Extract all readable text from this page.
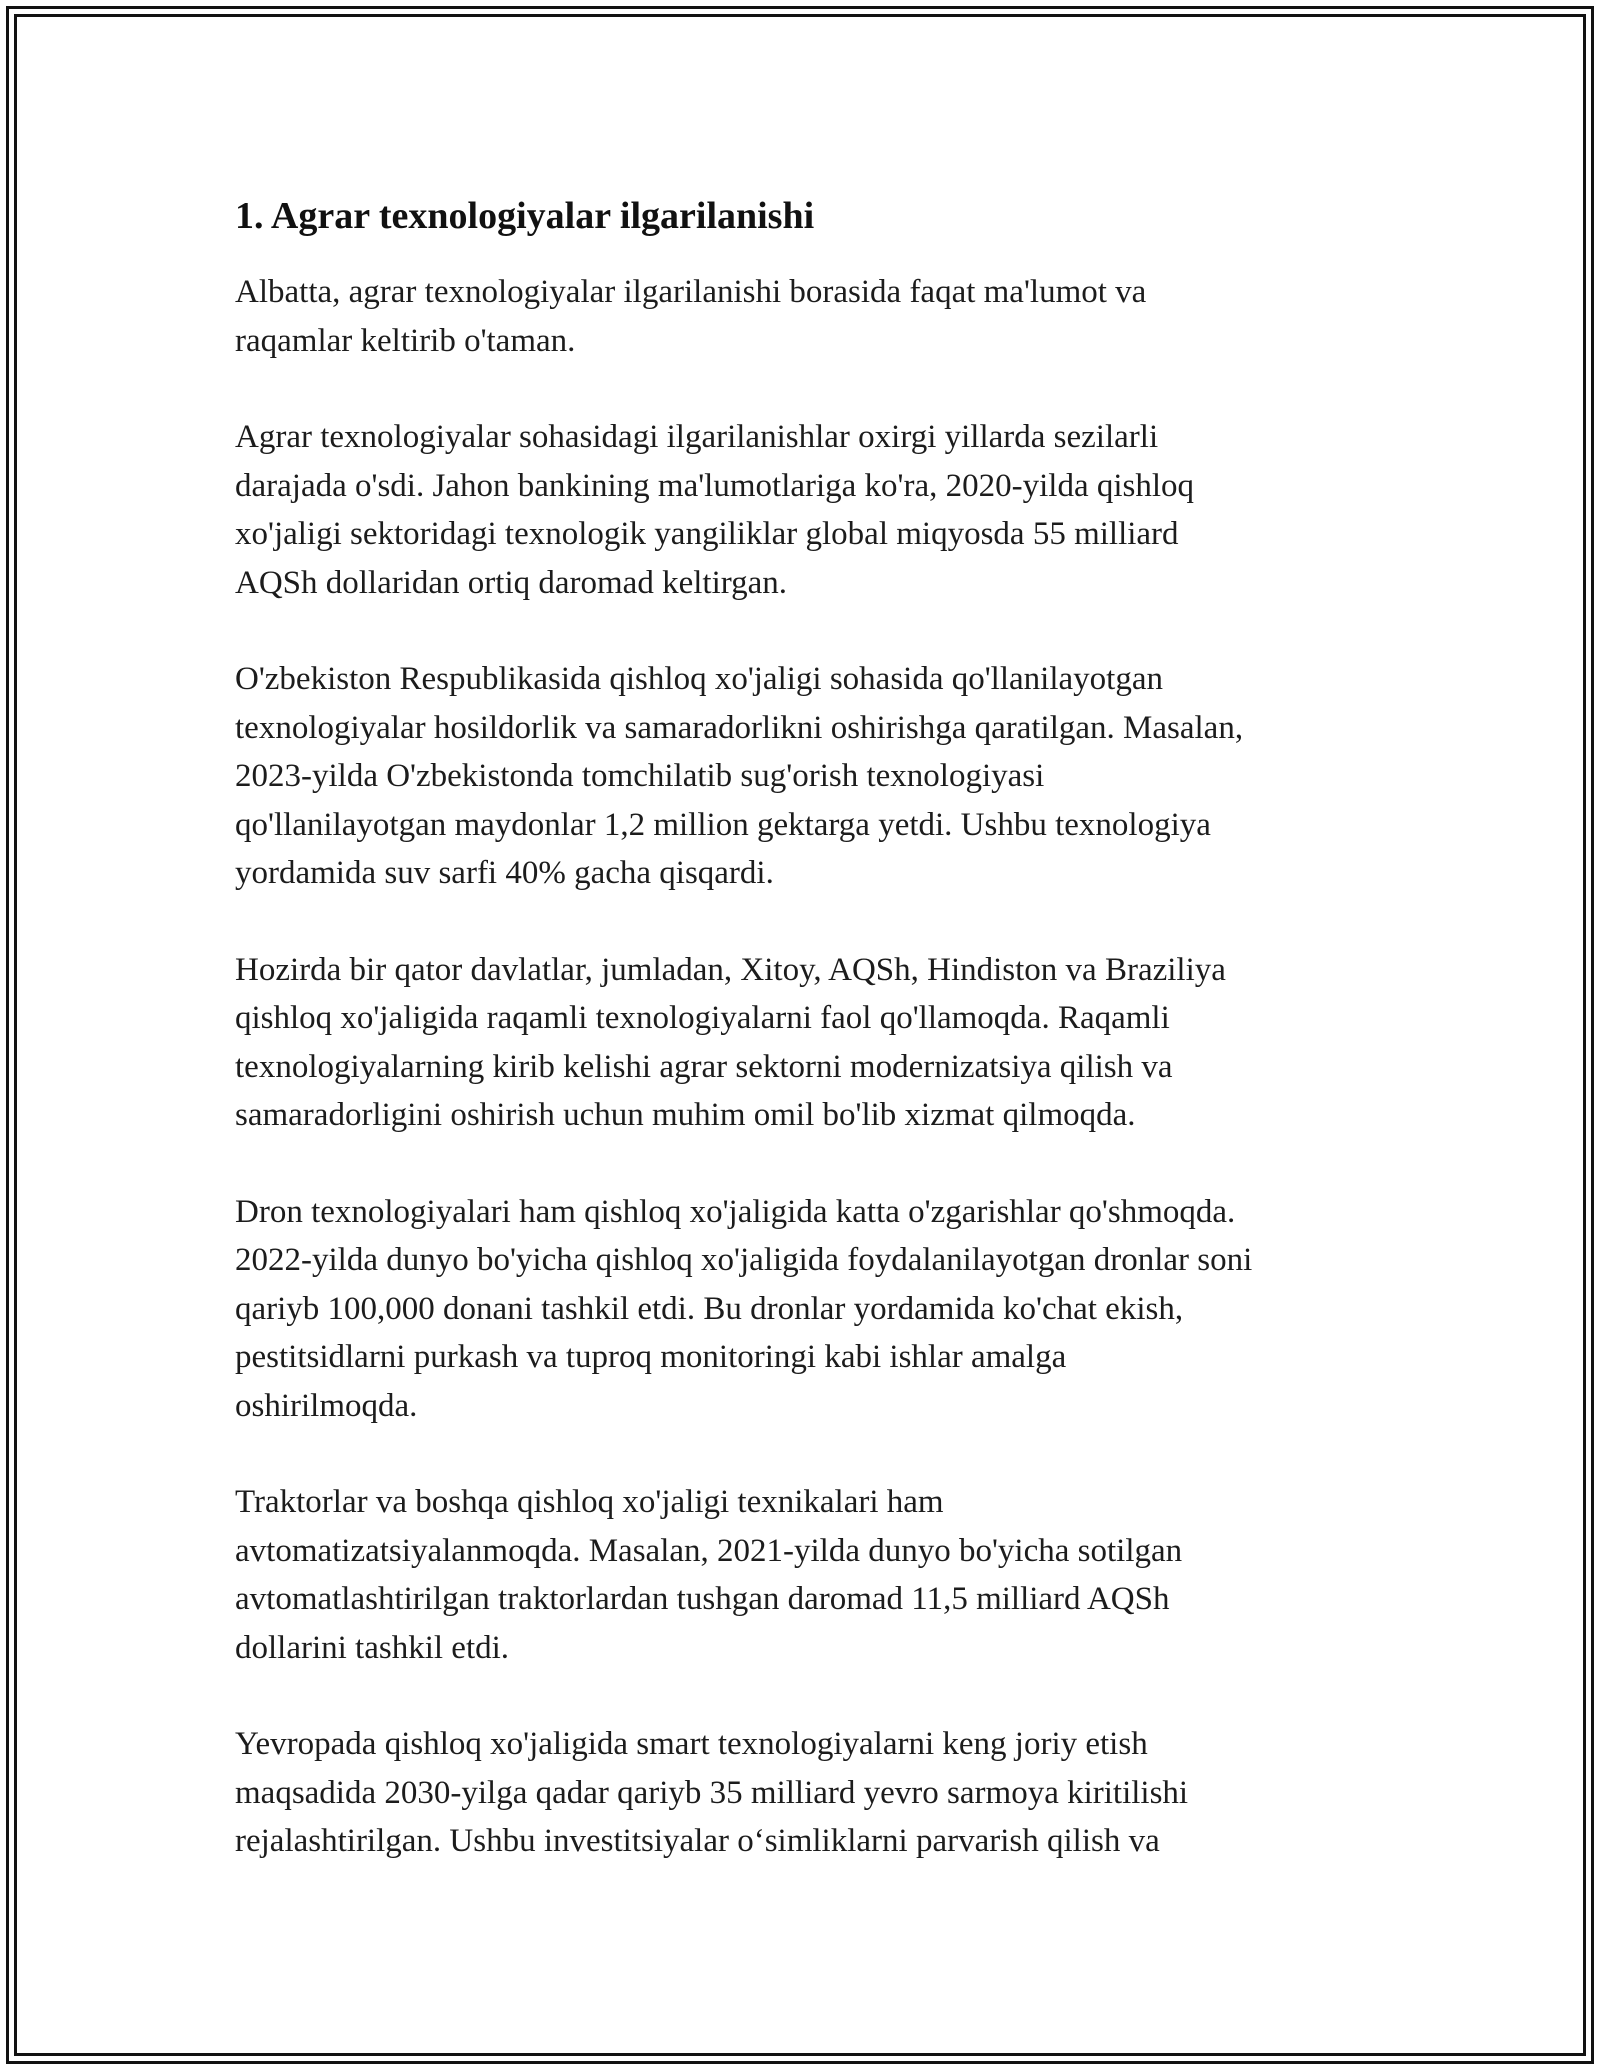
1. Agrar texnologiyalar ilgarilanishi

Albatta, agrar texnologiyalar ilgarilanishi borasida faqat ma'lumot va
raqamlar keltirib o'taman.

Agrar texnologiyalar sohasidagi ilgarilanishlar oxirgi yillarda sezilarli
darajada o'sdi. Jahon bankining ma'lumotlariga ko'ra, 2020-yilda qishloq
xo'jaligi sektoridagi texnologik yangiliklar global miqyosda 55 milliard
AQSh dollaridan ortiq daromad keltirgan.

O'zbekiston Respublikasida qishloq xo'jaligi sohasida qo'llanilayotgan
texnologiyalar hosildorlik va samaradorlikni oshirishga qaratilgan. Masalan,
2023-yilda O'zbekistonda tomchilatib sug'orish texnologiyasi
qo'llanilayotgan maydonlar 1,2 million gektarga yetdi. Ushbu texnologiya
yordamida suv sarfi 40% gacha qisqardi.

Hozirda bir qator davlatlar, jumladan, Xitoy, AQSh, Hindiston va Braziliya
qishloq xo'jaligida raqamli texnologiyalarni faol qo'llamoqda. Raqamli
texnologiyalarning kirib kelishi agrar sektorni modernizatsiya qilish va
samaradorligini oshirish uchun muhim omil bo'lib xizmat qilmoqda.

Dron texnologiyalari ham qishloq xo'jaligida katta o'zgarishlar qo'shmoqda.
2022-yilda dunyo bo'yicha qishloq xo'jaligida foydalanilayotgan dronlar soni
qariyb 100,000 donani tashkil etdi. Bu dronlar yordamida ko'chat ekish,
pestitsidlarni purkash va tuproq monitoringi kabi ishlar amalga
oshirilmoqda.

Traktorlar va boshqa qishloq xo'jaligi texnikalari ham
avtomatizatsiyalanmoqda. Masalan, 2021-yilda dunyo bo'yicha sotilgan
avtomatlashtirilgan traktorlardan tushgan daromad 11,5 milliard AQSh
dollarini tashkil etdi.

Yevropada qishloq xo'jaligida smart texnologiyalarni keng joriy etish
maqsadida 2030-yilga qadar qariyb 35 milliard yevro sarmoya kiritilishi
rejalashtirilgan. Ushbu investitsiyalar o‘simliklarni parvarish qilish va
